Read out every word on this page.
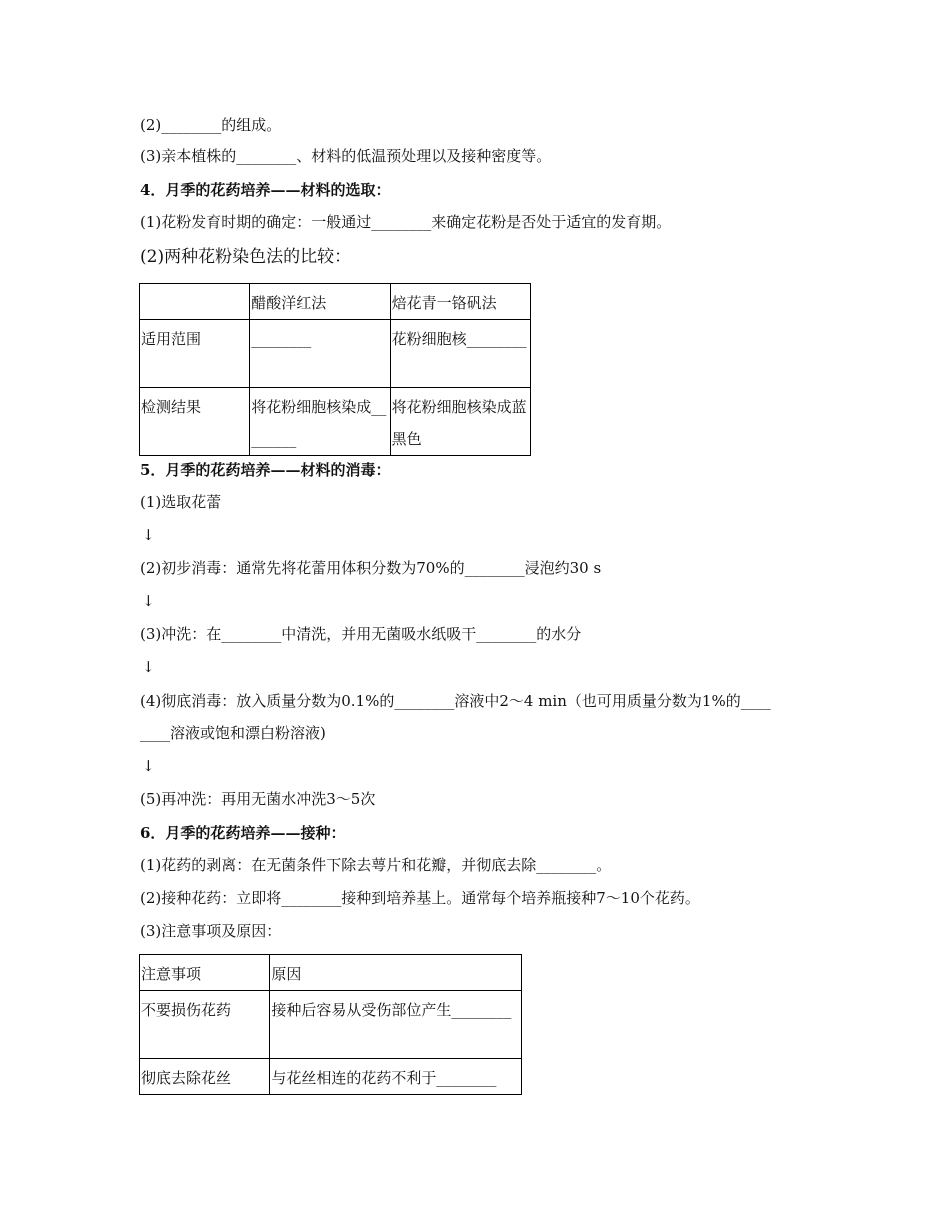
(2)________的组成。
(3)亲本植株的________、材料的低温预处理以及接种密度等。
4．月季的花药培养——材料的选取：
(1)花粉发育时期的确定：一般通过________来确定花粉是否处于适宜的发育期。
(2)两种花粉染色法的比较：
	醋酸洋红法	焙花青一铬矾法
适用范围	________	花粉细胞核________
检测结果	将花粉细胞核染成________	将花粉细胞核染成蓝黑色
5．月季的花药培养——材料的消毒：
(1)选取花蕾
↓
(2)初步消毒：通常先将花蕾用体积分数为70%的________浸泡约30 s
↓
(3)冲洗：在________中清洗，并用无菌吸水纸吸干________的水分
↓
(4)彻底消毒：放入质量分数为0.1%的________溶液中2～4 min（也可用质量分数为1%的____
____溶液或饱和漂白粉溶液)
↓
(5)再冲洗：再用无菌水冲洗3～5次
6．月季的花药培养——接种：
(1)花药的剥离：在无菌条件下除去萼片和花瓣，并彻底去除________。
(2)接种花药：立即将________接种到培养基上。通常每个培养瓶接种7～10个花药。
(3)注意事项及原因：
注意事项	原因
不要损伤花药	接种后容易从受伤部位产生________
彻底去除花丝	与花丝相连的花药不利于________
